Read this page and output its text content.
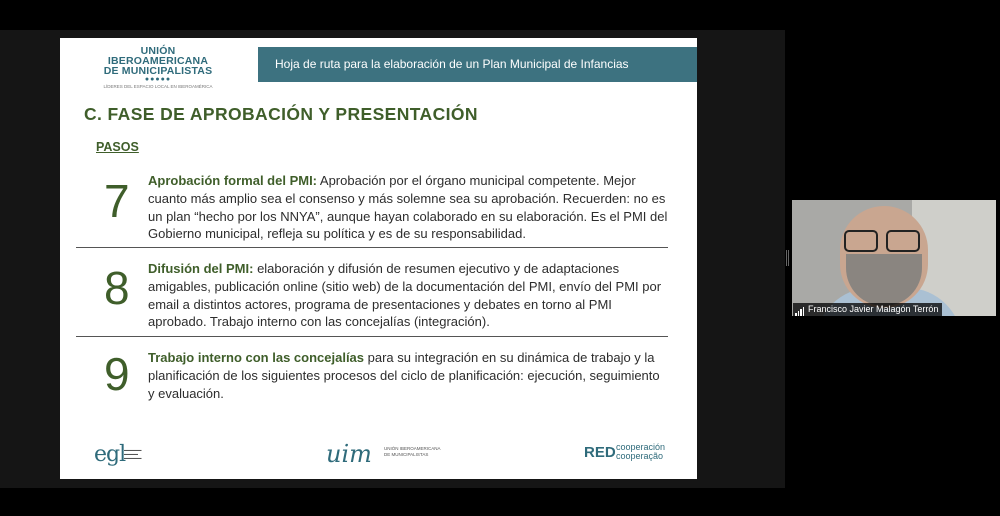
UNIÓN
IBEROAMERICANA
DE MUNICIPALISTAS
●●●●●
LÍDERES DEL ESPACIO LOCAL EN IBEROAMÉRICA
Hoja de ruta para la elaboración de un Plan Municipal de Infancias
C. FASE DE APROBACIÓN Y PRESENTACIÓN
PASOS
7 Aprobación formal del PMI: Aprobación por el órgano municipal competente. Mejor cuanto más amplio sea el consenso y más solemne sea su aprobación. Recuerden: no es un plan “hecho por los NNYA”, aunque hayan colaborado en su elaboración. Es el PMI del Gobierno municipal, refleja su política y es de su responsabilidad.
8 Difusión del PMI: elaboración y difusión de resumen ejecutivo y de adaptaciones amigables, publicación online (sitio web) de la documentación del PMI, envío del PMI por email a distintos actores, programa de presentaciones y debates en torno al PMI aprobado. Trabajo interno con las concejalías (integración).
9 Trabajo interno con las concejalías para su integración en su dinámica de trabajo y la planificación de los siguientes procesos del ciclo de planificación: ejecución, seguimiento y evaluación.
egl
▬▬▬▬▬
▬▬▬▬
▬▬▬▬▬	uim	UNIÓN IBEROAMERICANA DE MUNICIPALISTAS	RED cooperación
cooperação
Francisco Javier Malagón Terrón
